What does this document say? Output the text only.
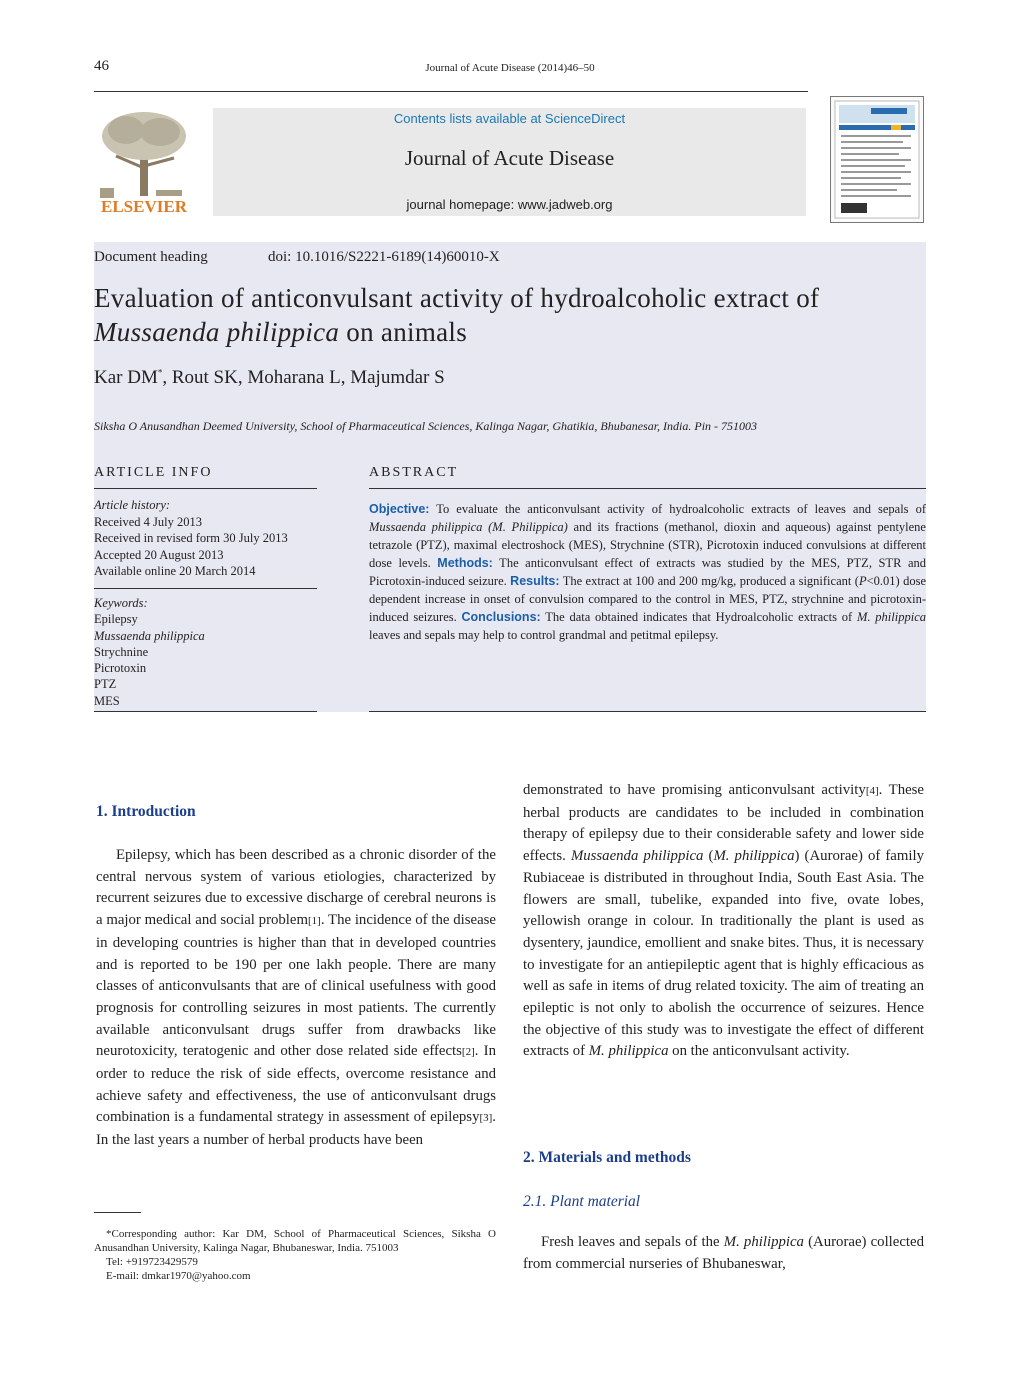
46	Journal of Acute Disease (2014)46–50
ELSEVIER
Contents lists available at ScienceDirect
Journal of Acute Disease
journal homepage: www.jadweb.org
Document heading	doi: 10.1016/S2221-6189(14)60010-X
Evaluation of anticonvulsant activity of hydroalcoholic extract of
Mussaenda philippica on animals
Kar DM*, Rout SK, Moharana L, Majumdar S
Siksha O Anusandhan Deemed University, School of Pharmaceutical Sciences, Kalinga Nagar, Ghatikia, Bhubanesar, India. Pin - 751003
ARTICLE INFO	ABSTRACT
Article history:
Received 4 July 2013
Received in revised form 30 July 2013
Accepted 20 August 2013
Available online 20 March 2014
Keywords:
Epilepsy
Mussaenda philippica
Strychnine
Picrotoxin
PTZ
MES
Objective: To evaluate the anticonvulsant activity of hydroalcoholic extracts of leaves and sepals of Mussaenda philippica (M. Philippica) and its fractions (methanol, dioxin and aqueous) against pentylene tetrazole (PTZ), maximal electroshock (MES), Strychnine (STR), Picrotoxin induced convulsions at different dose levels. Methods: The anticonvulsant effect of extracts was studied by the MES, PTZ, STR and Picrotoxin-induced seizure. Results: The extract at 100 and 200 mg/kg, produced a significant (P<0.01) dose dependent increase in onset of convulsion compared to the control in MES, PTZ, strychnine and picrotoxin-induced seizures. Conclusions: The data obtained indicates that Hydroalcoholic extracts of M. philippica leaves and sepals may help to control grandmal and petitmal epilepsy.
1. Introduction
Epilepsy, which has been described as a chronic disorder of the central nervous system of various etiologies, characterized by recurrent seizures due to excessive discharge of cerebral neurons is a major medical and social problem[1]. The incidence of the disease in developing countries is higher than that in developed countries and is reported to be 190 per one lakh people. There are many classes of anticonvulsants that are of clinical usefulness with good prognosis for controlling seizures in most patients. The currently available anticonvulsant drugs suffer from drawbacks like neurotoxicity, teratogenic and other dose related side effects[2]. In order to reduce the risk of side effects, overcome resistance and achieve safety and effectiveness, the use of anticonvulsant drugs combination is a fundamental strategy in assessment of epilepsy[3]. In the last years a number of herbal products have been
*Corresponding author: Kar DM, School of Pharmaceutical Sciences, Siksha O Anusandhan University, Kalinga Nagar, Bhubaneswar, India. 751003
Tel: +919723429579
E-mail: dmkar1970@yahoo.com
demonstrated to have promising anticonvulsant activity[4]. These herbal products are candidates to be included in combination therapy of epilepsy due to their considerable safety and lower side effects. Mussaenda philippica (M. philippica) (Aurorae) of family Rubiaceae is distributed in throughout India, South East Asia. The flowers are small, tubelike, expanded into five, ovate lobes, yellowish orange in colour. In traditionally the plant is used as dysentery, jaundice, emollient and snake bites. Thus, it is necessary to investigate for an antiepileptic agent that is highly efficacious as well as safe in items of drug related toxicity. The aim of treating an epileptic is not only to abolish the occurrence of seizures. Hence the objective of this study was to investigate the effect of different extracts of M. philippica on the anticonvulsant activity.
2. Materials and methods
2.1. Plant material
Fresh leaves and sepals of the M. philippica (Aurorae) collected from commercial nurseries of Bhubaneswar,
